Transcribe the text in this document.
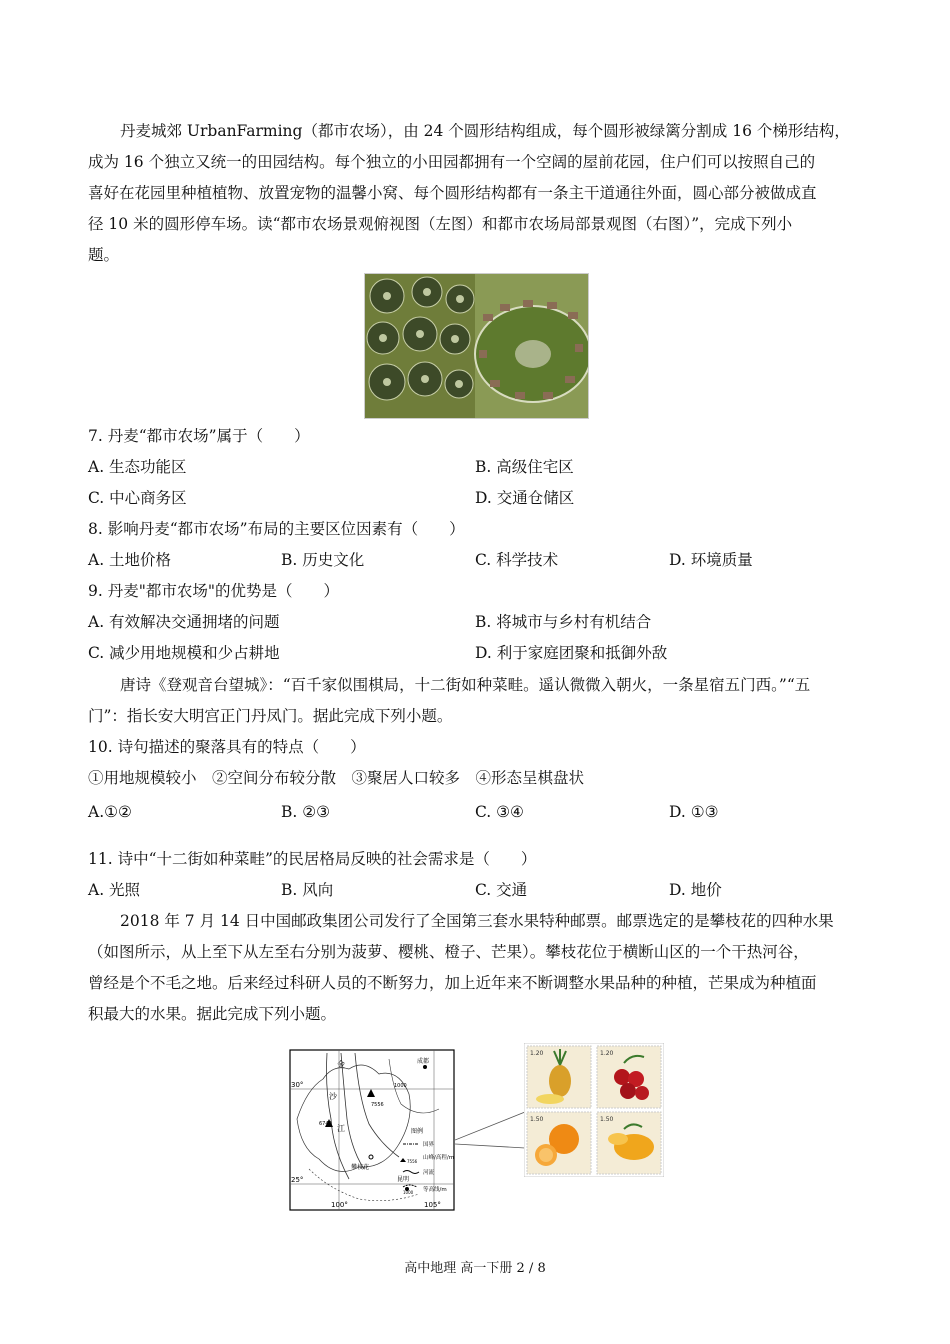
丹麦城郊 UrbanFarming（都市农场），由 24 个圆形结构组成，每个圆形被绿篱分割成 16 个梯形结构，
成为 16 个独立又统一的田园结构。每个独立的小田园都拥有一个空阔的屋前花园，住户们可以按照自己的
喜好在花园里种植植物、放置宠物的温馨小窝、每个圆形结构都有一条主干道通往外面，圆心部分被做成直
径 10 米的圆形停车场。读“都市农场景观俯视图（左图）和都市农场局部景观图（右图）”，完成下列小
题。
7. 丹麦“都市农场”属于（　　）
A. 生态功能区	B. 高级住宅区
C. 中心商务区	D. 交通仓储区
8. 影响丹麦“都市农场”布局的主要区位因素有（　　）
A. 土地价格	B. 历史文化	C. 科学技术	D. 环境质量
9. 丹麦"都市农场"的优势是（　　）
A. 有效解决交通拥堵的问题	B. 将城市与乡村有机结合
C. 减少用地规模和少占耕地	D. 利于家庭团聚和抵御外敌
唐诗《登观音台望城》：“百千家似围棋局，十二街如种菜畦。遥认微微入朝火，一条星宿五门西。”“五
门”：指长安大明宫正门丹凤门。据此完成下列小题。
10. 诗句描述的聚落具有的特点（　　）
①用地规模较小　②空间分布较分散　③聚居人口较多　④形态呈棋盘状
A.①②	B. ②③	C. ③④	D. ①③
11. 诗中“十二街如种菜畦”的民居格局反映的社会需求是（　　）
A. 光照	B. 风向	C. 交通	D. 地价
2018 年 7 月 14 日中国邮政集团公司发行了全国第三套水果特种邮票。邮票选定的是攀枝花的四种水果
（如图所示，从上至下从左至右分别为菠萝、樱桃、橙子、芒果）。攀枝花位于横断山区的一个干热河谷，
曾经是个不毛之地。后来经过科研人员的不断努力，加上近年来不断调整水果品种的种植，芒果成为种植面
积最大的水果。据此完成下列小题。
30°
25°
100°	105°
金
沙
江
成都
昆明
攀枝花
7556
6740
1000
图例
国界
7556
山峰/高程/m
河流
1000 等高线/m
1.20	1.20
1.50	1.50
高中地理 高一下册 2 / 8
